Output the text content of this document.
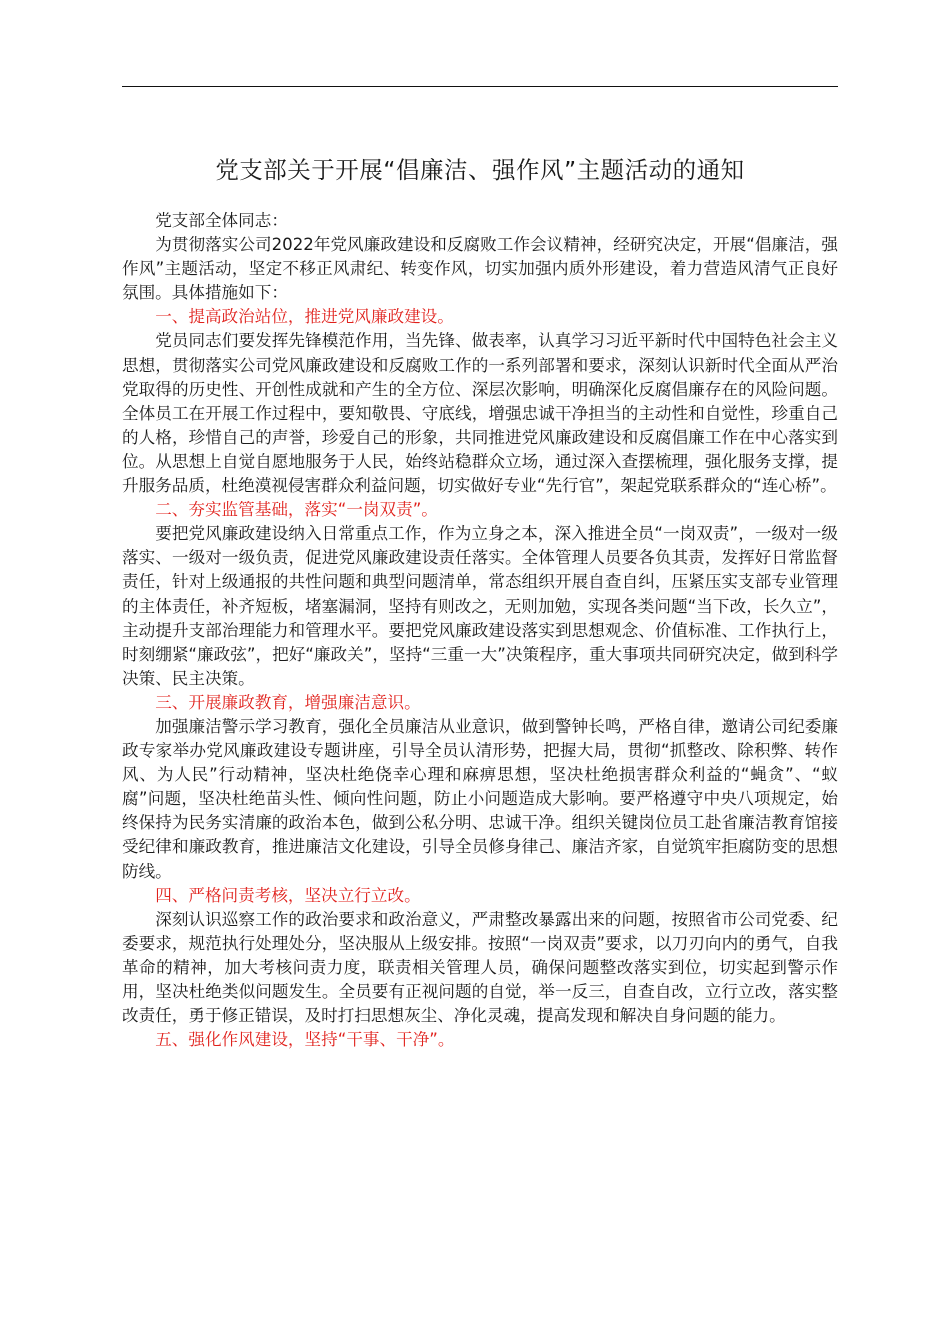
党支部关于开展“倡廉洁、强作风”主题活动的通知

党支部全体同志：

为贯彻落实公司2022年党风廉政建设和反腐败工作会议精神，经研究决定，开展“倡廉洁，强作风”主题活动，坚定不移正风肃纪、转变作风，切实加强内质外形建设，着力营造风清气正良好氛围。具体措施如下：

一、提高政治站位，推进党风廉政建设。

党员同志们要发挥先锋模范作用，当先锋、做表率，认真学习习近平新时代中国特色社会主义思想，贯彻落实公司党风廉政建设和反腐败工作的一系列部署和要求，深刻认识新时代全面从严治党取得的历史性、开创性成就和产生的全方位、深层次影响，明确深化反腐倡廉存在的风险问题。全体员工在开展工作过程中，要知敬畏、守底线，增强忠诚干净担当的主动性和自觉性，珍重自己的人格，珍惜自己的声誉，珍爱自己的形象，共同推进党风廉政建设和反腐倡廉工作在中心落实到位。从思想上自觉自愿地服务于人民，始终站稳群众立场，通过深入查摆梳理，强化服务支撑，提升服务品质，杜绝漠视侵害群众利益问题，切实做好专业“先行官”，架起党联系群众的“连心桥”。

二、夯实监管基础，落实“一岗双责”。

要把党风廉政建设纳入日常重点工作，作为立身之本，深入推进全员“一岗双责”，一级对一级落实、一级对一级负责，促进党风廉政建设责任落实。全体管理人员要各负其责，发挥好日常监督责任，针对上级通报的共性问题和典型问题清单，常态组织开展自查自纠，压紧压实支部专业管理的主体责任，补齐短板，堵塞漏洞，坚持有则改之，无则加勉，实现各类问题“当下改，长久立”，主动提升支部治理能力和管理水平。要把党风廉政建设落实到思想观念、价值标准、工作执行上，时刻绷紧“廉政弦”，把好“廉政关”，坚持“三重一大”决策程序，重大事项共同研究决定，做到科学决策、民主决策。

三、开展廉政教育，增强廉洁意识。

加强廉洁警示学习教育，强化全员廉洁从业意识，做到警钟长鸣，严格自律，邀请公司纪委廉政专家举办党风廉政建设专题讲座，引导全员认清形势，把握大局，贯彻“抓整改、除积弊、转作风、为人民”行动精神，坚决杜绝侥幸心理和麻痹思想，坚决杜绝损害群众利益的“蝇贪”、“蚁腐”问题，坚决杜绝苗头性、倾向性问题，防止小问题造成大影响。要严格遵守中央八项规定，始终保持为民务实清廉的政治本色，做到公私分明、忠诚干净。组织关键岗位员工赴省廉洁教育馆接受纪律和廉政教育，推进廉洁文化建设，引导全员修身律己、廉洁齐家，自觉筑牢拒腐防变的思想防线。

四、严格问责考核，坚决立行立改。

深刻认识巡察工作的政治要求和政治意义，严肃整改暴露出来的问题，按照省市公司党委、纪委要求，规范执行处理处分，坚决服从上级安排。按照“一岗双责”要求，以刀刃向内的勇气，自我革命的精神，加大考核问责力度，联责相关管理人员，确保问题整改落实到位，切实起到警示作用，坚决杜绝类似问题发生。全员要有正视问题的自觉，举一反三，自查自改，立行立改，落实整改责任，勇于修正错误，及时打扫思想灰尘、净化灵魂，提高发现和解决自身问题的能力。

五、强化作风建设，坚持“干事、干净”。
